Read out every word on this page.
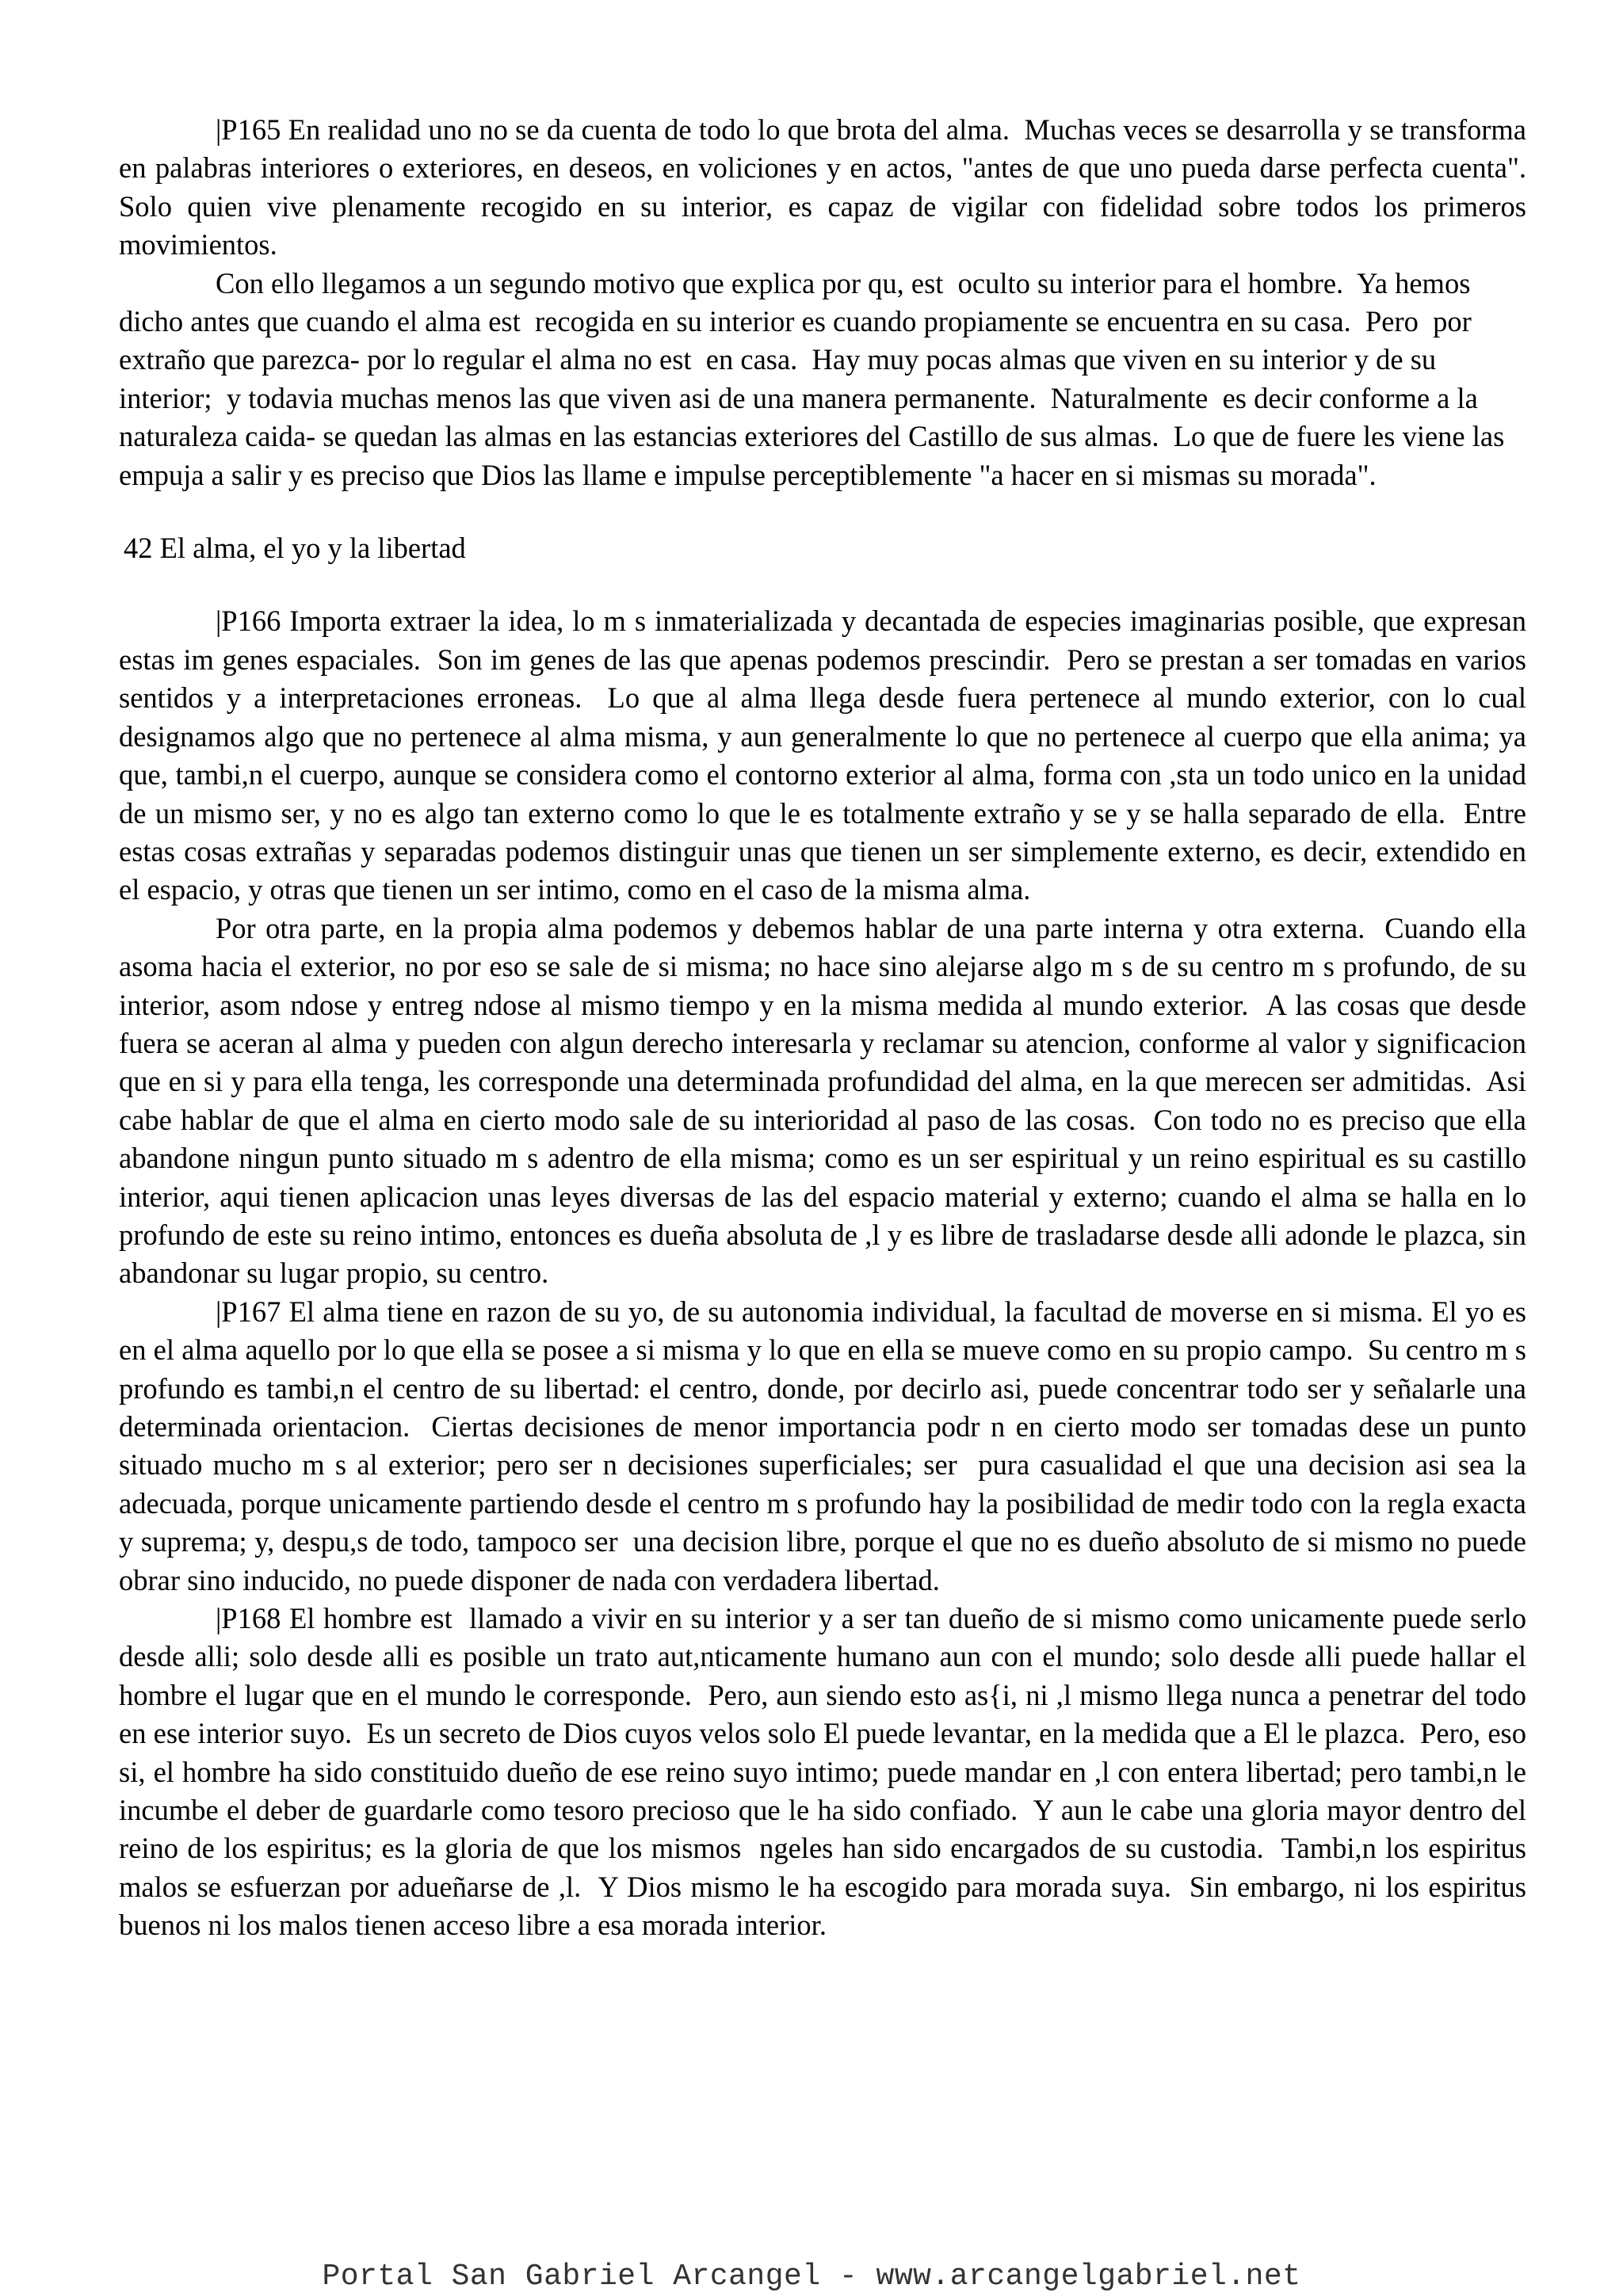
|P165 En realidad uno no se da cuenta de todo lo que brota del alma.  Muchas veces se desarrolla y se transforma en palabras interiores o exteriores, en deseos, en voliciones y en actos, "antes de que uno pueda darse perfecta cuenta".  Solo quien vive plenamente recogido en su interior, es capaz de vigilar con fidelidad sobre todos los primeros movimientos.

Con ello llegamos a un segundo motivo que explica por qu, est  oculto su interior para el hombre.  Ya hemos dicho antes que cuando el alma est  recogida en su interior es cuando propiamente se encuentra en su casa.  Pero  por extraño que parezca- por lo regular el alma no est  en casa.  Hay muy pocas almas que viven en su interior y de su interior;  y todavia muchas menos las que viven asi de una manera permanente.  Naturalmente  es decir conforme a la naturaleza caida- se quedan las almas en las estancias exteriores del Castillo de sus almas.  Lo que de fuere les viene las empuja a salir y es preciso que Dios las llame e impulse perceptiblemente "a hacer en si mismas su morada".

42 El alma, el yo y la libertad

|P166 Importa extraer la idea, lo m s inmaterializada y decantada de especies imaginarias posible, que expresan estas im genes espaciales.  Son im genes de las que apenas podemos prescindir.  Pero se prestan a ser tomadas en varios sentidos y a interpretaciones erroneas.  Lo que al alma llega desde fuera pertenece al mundo exterior, con lo cual designamos algo que no pertenece al alma misma, y aun generalmente lo que no pertenece al cuerpo que ella anima; ya que, tambi,n el cuerpo, aunque se considera como el contorno exterior al alma, forma con ,sta un todo unico en la unidad de un mismo ser, y no es algo tan externo como lo que le es totalmente extraño y se y se halla separado de ella.  Entre estas cosas extrañas y separadas podemos distinguir unas que tienen un ser simplemente externo, es decir, extendido en el espacio, y otras que tienen un ser intimo, como en el caso de la misma alma.

Por otra parte, en la propia alma podemos y debemos hablar de una parte interna y otra externa.  Cuando ella asoma hacia el exterior, no por eso se sale de si misma; no hace sino alejarse algo m s de su centro m s profundo, de su interior, asom ndose y entreg ndose al mismo tiempo y en la misma medida al mundo exterior.  A las cosas que desde fuera se aceran al alma y pueden con algun derecho interesarla y reclamar su atencion, conforme al valor y significacion que en si y para ella tenga, les corresponde una determinada profundidad del alma, en la que merecen ser admitidas.  Asi cabe hablar de que el alma en cierto modo sale de su interioridad al paso de las cosas.  Con todo no es preciso que ella abandone ningun punto situado m s adentro de ella misma; como es un ser espiritual y un reino espiritual es su castillo interior, aqui tienen aplicacion unas leyes diversas de las del espacio material y externo; cuando el alma se halla en lo profundo de este su reino intimo, entonces es dueña absoluta de ,l y es libre de trasladarse desde alli adonde le plazca, sin abandonar su lugar propio, su centro.

|P167 El alma tiene en razon de su yo, de su autonomia individual, la facultad de moverse en si misma. El yo es en el alma aquello por lo que ella se posee a si misma y lo que en ella se mueve como en su propio campo.  Su centro m s profundo es tambi,n el centro de su libertad: el centro, donde, por decirlo asi, puede concentrar todo ser y señalarle una determinada orientacion.  Ciertas decisiones de menor importancia podr n en cierto modo ser tomadas dese un punto situado mucho m s al exterior; pero ser n decisiones superficiales; ser  pura casualidad el que una decision asi sea la adecuada, porque unicamente partiendo desde el centro m s profundo hay la posibilidad de medir todo con la regla exacta y suprema; y, despu,s de todo, tampoco ser  una decision libre, porque el que no es dueño absoluto de si mismo no puede obrar sino inducido, no puede disponer de nada con verdadera libertad.

|P168 El hombre est  llamado a vivir en su interior y a ser tan dueño de si mismo como unicamente puede serlo desde alli; solo desde alli es posible un trato aut,nticamente humano aun con el mundo; solo desde alli puede hallar el hombre el lugar que en el mundo le corresponde.  Pero, aun siendo esto as{i, ni ,l mismo llega nunca a penetrar del todo en ese interior suyo.  Es un secreto de Dios cuyos velos solo El puede levantar, en la medida que a El le plazca.  Pero, eso si, el hombre ha sido constituido dueño de ese reino suyo intimo; puede mandar en ,l con entera libertad; pero tambi,n le incumbe el deber de guardarle como tesoro precioso que le ha sido confiado.  Y aun le cabe una gloria mayor dentro del reino de los espiritus; es la gloria de que los mismos  ngeles han sido encargados de su custodia.  Tambi,n los espiritus malos se esfuerzan por adueñarse de ,l.  Y Dios mismo le ha escogido para morada suya.  Sin embargo, ni los espiritus buenos ni los malos tienen acceso libre a esa morada interior.

Portal San Gabriel Arcangel - www.arcangelgabriel.net
